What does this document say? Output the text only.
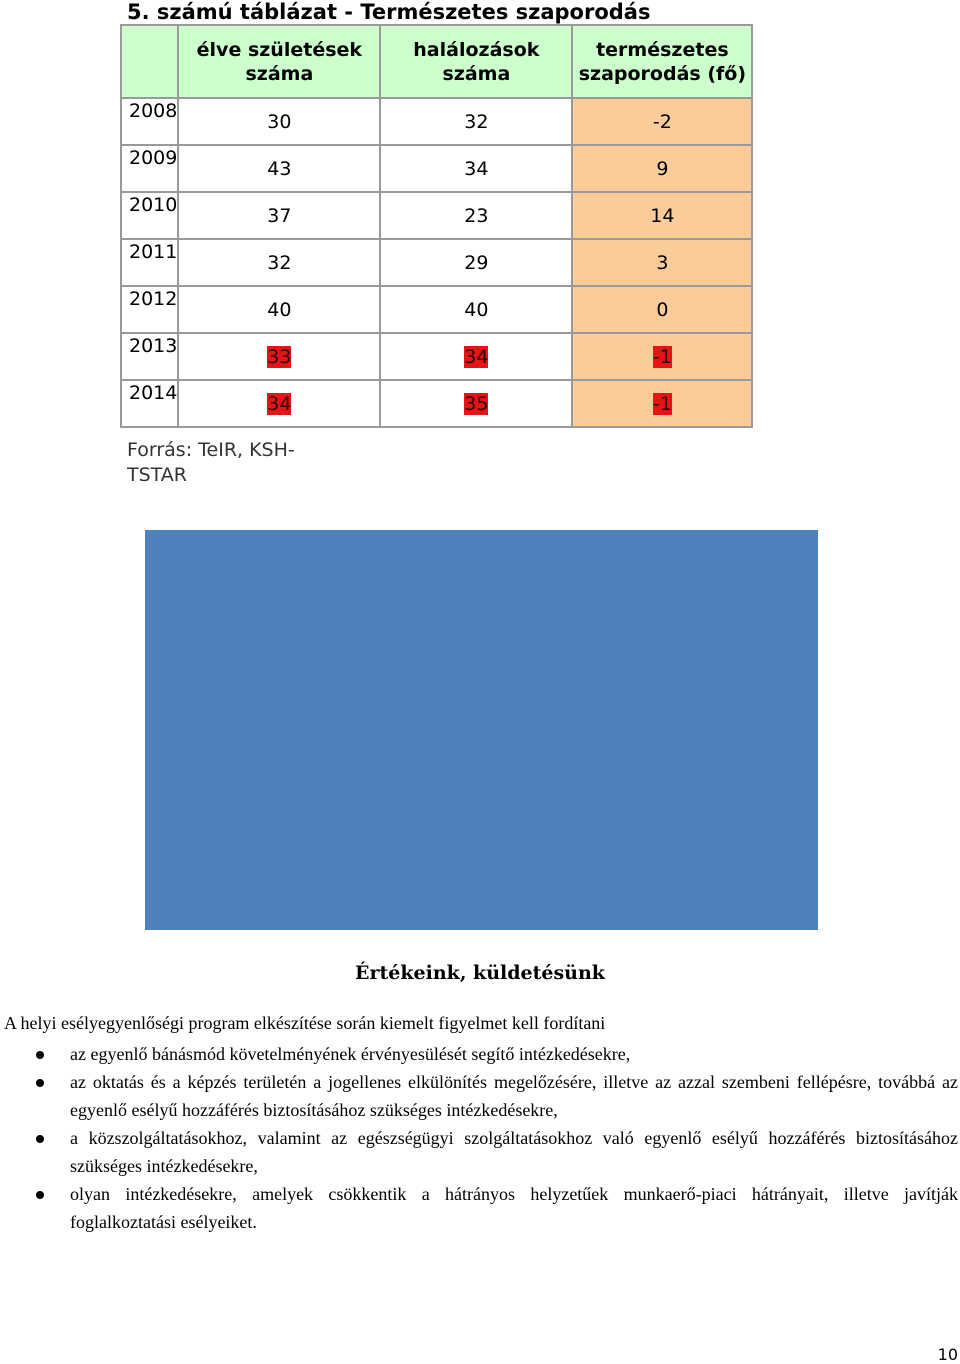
5. számú táblázat - Természetes szaporodás
	élve születések száma	halálozások száma	természetes szaporodás (fő)
2008	30	32	-2
2009	43	34	9
2010	37	23	14
2011	32	29	3
2012	40	40	0
2013	33	34	-1
2014	34	35	-1
Forrás: TeIR, KSH-TSTAR
Értékeink, küldetésünk
A helyi esélyegyenlőségi program elkészítése során kiemelt figyelmet kell fordítani
az egyenlő bánásmód követelményének érvényesülését segítő intézkedésekre,
az oktatás és a képzés területén a jogellenes elkülönítés megelőzésére, illetve az azzal szembeni fellépésre, továbbá az egyenlő esélyű hozzáférés biztosításához szükséges intézkedésekre,
a közszolgáltatásokhoz, valamint az egészségügyi szolgáltatásokhoz való egyenlő esélyű hozzáférés biztosításához szükséges intézkedésekre,
olyan intézkedésekre, amelyek csökkentik a hátrányos helyzetűek munkaerő-piaci hátrányait, illetve javítják foglalkoztatási esélyeiket.
10
